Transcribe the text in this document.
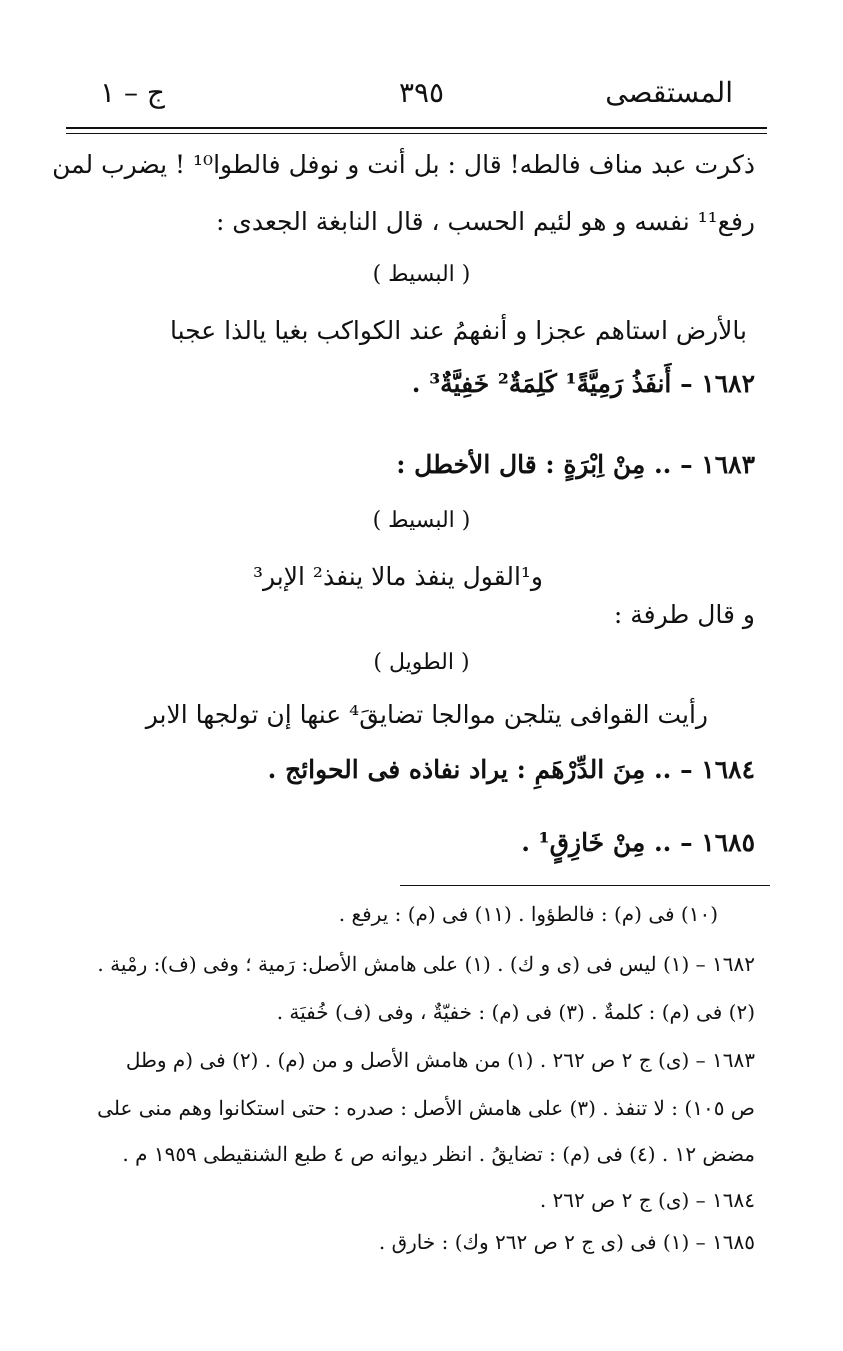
ج – ١	٣٩٥	المستقصى
ذكرت عبد مناف فالطه! قال : بل أنت و نوفل فالطوا¹⁰ ! يضرب لمن
رفع¹¹ نفسه و هو لئيم الحسب ، قال النابغة الجعدى :
( البسيط )
بالأرض استاهم عجزا و أنفهمُ عند الكواكب بغيا يالذا عجبا
١٦٨٢ – أَنفَذُ رَمِيَّةً¹ كَلِمَةٌ² خَفِيَّةٌ³ .
١٦٨٣ – .. مِنْ اِبْرَةٍ : قال الأخطل :
( البسيط )
و¹القول ينفذ مالا ينفذ² الإبر³
و قال طرفة :
( الطويل )
رأيت القوافى يتلجن موالجا تضايقَ⁴ عنها إن تولجها الابر
١٦٨٤ – .. مِنَ الدِّرْهَمِ : يراد نفاذه فى الحوائج .
١٦٨٥ – .. مِنْ خَازِقٍ¹ .
(١٠) فى (م) : فالطؤوا . (١١) فى (م) : يرفع .
١٦٨٢ – (١) ليس فى (ى و ك) . (١) على هامش الأصل: رَمية ؛ وفى (ف): رمْية .
(٢) فى (م) : كلمةٌ . (٣) فى (م) : خفيّةٌ ، وفى (ف) خُفيَة .
١٦٨٣ – (ى) ج ٢ ص ٢٦٢ . (١) من هامش الأصل و من (م) . (٢) فى (م وطل
ص ١٠٥) : لا تنفذ . (٣) على هامش الأصل : صدره : حتى استكانوا وهم منى على
مضض ١٢ . (٤) فى (م) : تضايقُ . انظر ديوانه ص ٤ طبع الشنقيطى ١٩٥٩ م .
١٦٨٤ – (ى) ج ٢ ص ٢٦٢ .
١٦٨٥ – (١) فى (ى ج ٢ ص ٢٦٢ وك) : خارق .
